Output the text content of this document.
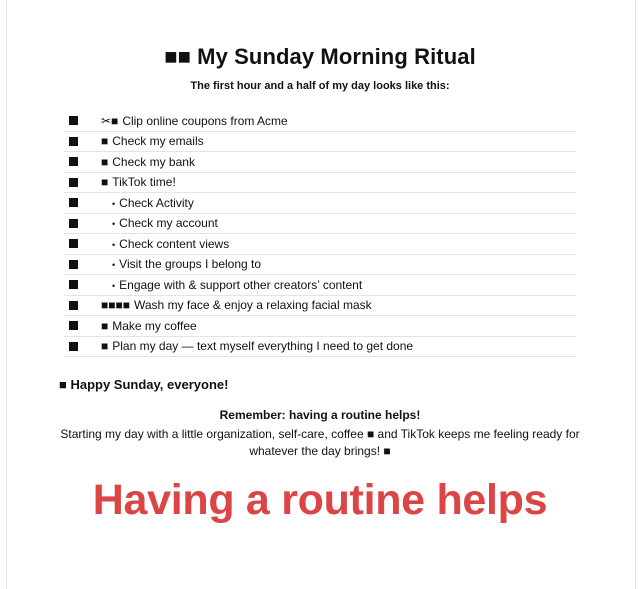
■■ My Sunday Morning Ritual
The first hour and a half of my day looks like this:
✂■ Clip online coupons from Acme
■ Check my emails
■ Check my bank
■ TikTok time!
• Check Activity
• Check my account
• Check content views
• Visit the groups I belong to
• Engage with & support other creators’ content
■■■■ Wash my face & enjoy a relaxing facial mask
■ Make my coffee
■ Plan my day — text myself everything I need to get done
■ Happy Sunday, everyone!
Remember: having a routine helps!
Starting my day with a little organization, self-care, coffee ■ and TikTok keeps me feeling ready for whatever the day brings! ■
Having a routine helps
